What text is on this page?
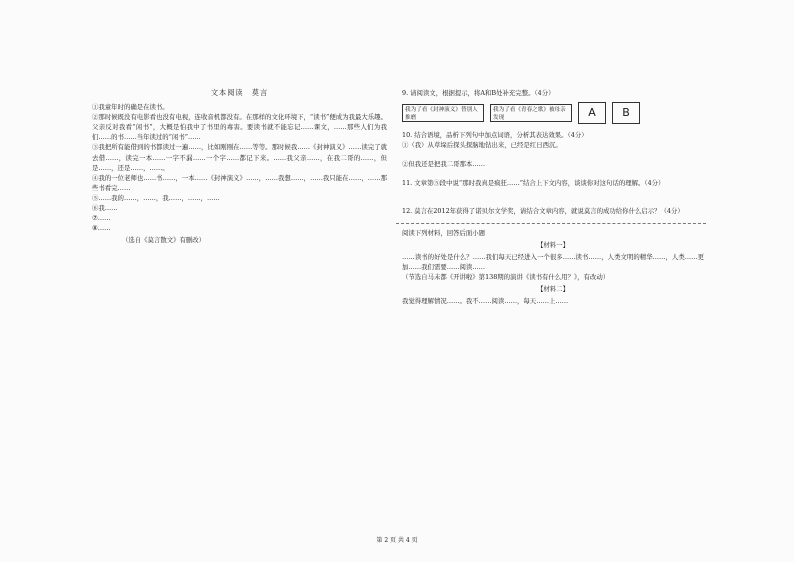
文本阅读　莫言
①我童年时的确是在读书。
②那时候既没有电影看也没有电视，连收音机都没有。在那样的文化环境下，“读书”便成为我最大乐趣。父亲反对我看“闲书”，大概是怕我中了书里的毒害。要读书就不能忘记……课文，……那些人们为我们……的书……当年读过的“闲书”……
③我把所有能借到的书都读过一遍……，比如刚刚在……等等。那时候我……《封神演义》……读完了就去借……，读完一本……一字不漏……一个字……都记下来。……我父亲……，在我二哥的……，但是……，还是……，……。
④我的一位老师也……书……，一本……《封神演义》……，……我想……，……我只能在……，……那些书看完……
⑤……我的……，……，我……，……，……
⑥我……
⑦……
⑧……
（选自《莫言散文》有删改）
9. 请阅读文，根据提示，将A和B处补充完整。（4分）
我为了看《封神演义》替别人推磨
我为了看《青春之歌》被母亲发现	A	B
10. 结合语境，品析下列句中加点词语，分析其表达效果。（4分）
①（我）从草垛后探头探脑地钻出来，已经是红日西沉。
②但我还是把我二哥那本……
11. 文章第⑤段中说“那时我真是疯狂……”结合上下文内容，谈谈你对这句话的理解。（4分）
12. 莫言在2012年获得了诺贝尔文学奖，请结合文章内容，就说莫言的成功给你什么启示？（4分）
阅读下列材料，回答后面小题
【材料一】
……读书的好处是什么？……我们每天已经进入一个很多……读书……，人类文明的精华……，人类……更加……我们需要……阅读……
（节选自马未都《开讲啦》第138期的演讲《读书有什么用？》，有改动）
【材料二】
我觉得理解情况……。我不……阅读……，每天……上……
第 2 页 共 4 页
